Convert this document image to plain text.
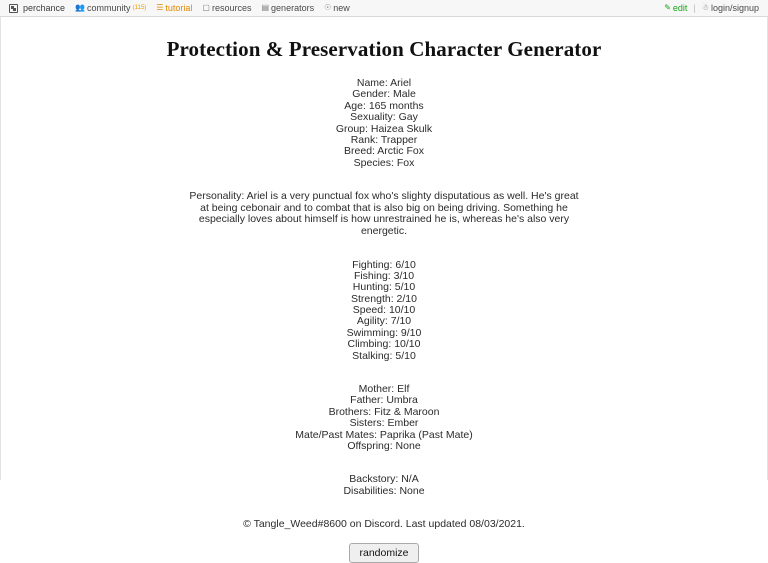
perchance 👥 community (115) ☰ tutorial ▢ resources ▤ generators ☉ new	✎ edit | ☃ login/signup
Protection & Preservation Character Generator
Name: Ariel
Gender: Male
Age: 165 months
Sexuality: Gay
Group: Haizea Skulk
Rank: Trapper
Breed: Arctic Fox
Species: Fox
Personality: Ariel is a very punctual fox who's slighty disputatious as well. He's great at being cebonair and to combat that is also big on being driving. Something he especially loves about himself is how unrestrained he is, whereas he's also very energetic.
Fighting: 6/10
Fishing: 3/10
Hunting: 5/10
Strength: 2/10
Speed: 10/10
Agility: 7/10
Swimming: 9/10
Climbing: 10/10
Stalking: 5/10
Mother: Elf
Father: Umbra
Brothers: Fitz & Maroon
Sisters: Ember
Mate/Past Mates: Paprika (Past Mate)
Offspring: None
Backstory: N/A
Disabilities: None
© Tangle_Weed#8600 on Discord. Last updated 08/03/2021.
randomize
